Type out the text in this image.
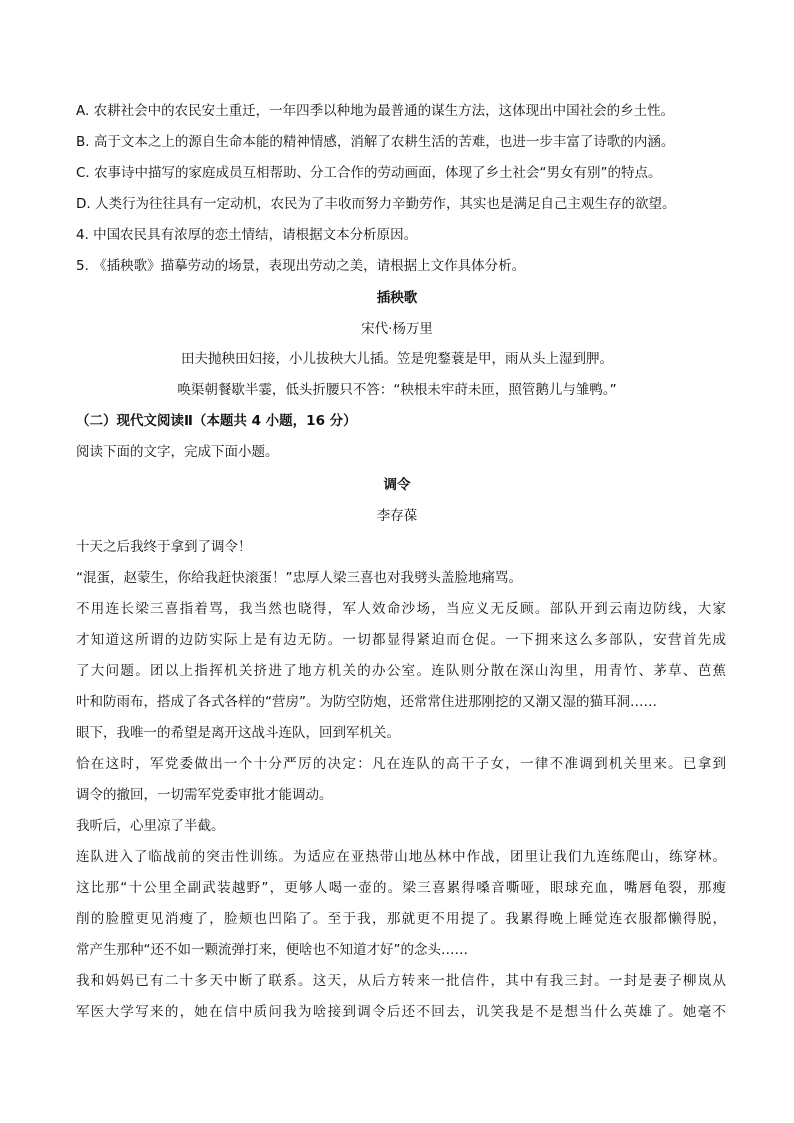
A. 农耕社会中的农民安土重迁，一年四季以种地为最普通的谋生方法，这体现出中国社会的乡土性。
B. 高于文本之上的源自生命本能的精神情感，消解了农耕生活的苦难，也进一步丰富了诗歌的内涵。
C. 农事诗中描写的家庭成员互相帮助、分工合作的劳动画面，体现了乡土社会“男女有别”的特点。
D. 人类行为往往具有一定动机，农民为了丰收而努力辛勤劳作，其实也是满足自己主观生存的欲望。
4. 中国农民具有浓厚的恋土情结，请根据文本分析原因。
5. 《插秧歌》描摹劳动的场景，表现出劳动之美，请根据上文作具体分析。
插秧歌
宋代·杨万里
田夫抛秧田妇接，小儿拔秧大儿插。笠是兜鍪蓑是甲，雨从头上湿到胛。
唤渠朝餐歇半霎，低头折腰只不答：“秧根未牢莳未匝，照管鹅儿与雏鸭。”
（二）现代文阅读Ⅱ（本题共 4 小题，16 分）
阅读下面的文字，完成下面小题。
调令
李存葆
十天之后我终于拿到了调令！
“混蛋，赵蒙生，你给我赶快滚蛋！”忠厚人梁三喜也对我劈头盖脸地痛骂。
不用连长梁三喜指着骂，我当然也晓得，军人效命沙场，当应义无反顾。部队开到云南边防线，大家
才知道这所谓的边防实际上是有边无防。一切都显得紧迫而仓促。一下拥来这么多部队，安营首先成
了大问题。团以上指挥机关挤进了地方机关的办公室。连队则分散在深山沟里，用青竹、茅草、芭蕉
叶和防雨布，搭成了各式各样的“营房”。为防空防炮，还常常住进那刚挖的又潮又湿的猫耳洞……
眼下，我唯一的希望是离开这战斗连队，回到军机关。
恰在这时，军党委做出一个十分严厉的决定：凡在连队的高干子女，一律不准调到机关里来。已拿到
调令的撤回，一切需军党委审批才能调动。
我听后，心里凉了半截。
连队进入了临战前的突击性训练。为适应在亚热带山地丛林中作战，团里让我们九连练爬山，练穿林。
这比那“十公里全副武装越野”，更够人喝一壶的。梁三喜累得嗓音嘶哑，眼球充血，嘴唇龟裂，那瘦
削的脸膛更见消瘦了，脸颊也凹陷了。至于我，那就更不用提了。我累得晚上睡觉连衣服都懒得脱，
常产生那种“还不如一颗流弹打来，便啥也不知道才好”的念头……
我和妈妈已有二十多天中断了联系。这天，从后方转来一批信件，其中有我三封。一封是妻子柳岚从
军医大学写来的，她在信中质问我为啥接到调令后还不回去，讥笑我是不是想当什么英雄了。她毫不
